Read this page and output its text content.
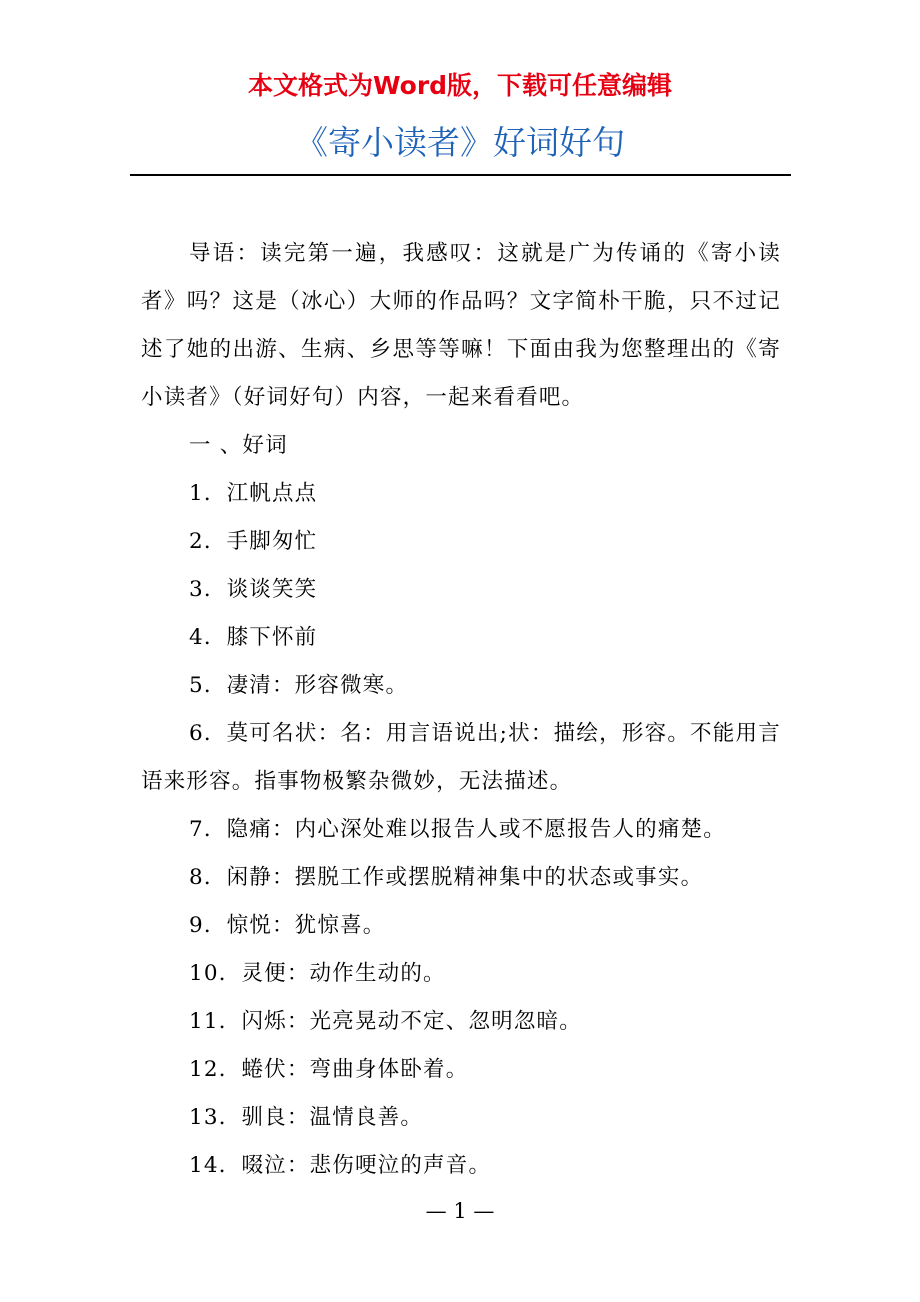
本文格式为Word版，下载可任意编辑
《寄小读者》好词好句

导语：读完第一遍，我感叹：这就是广为传诵的《寄小读者》吗？这是（冰心）大师的作品吗？文字简朴干脆，只不过记述了她的出游、生病、乡思等等嘛！下面由我为您整理出的《寄小读者》（好词好句）内容，一起来看看吧。

一 、好词

1．江帆点点

2．手脚匆忙

3．谈谈笑笑

4．膝下怀前

5．凄清：形容微寒。

6．莫可名状：名：用言语说出;状：描绘，形容。不能用言语来形容。指事物极繁杂微妙，无法描述。

7．隐痛：内心深处难以报告人或不愿报告人的痛楚。

8．闲静：摆脱工作或摆脱精神集中的状态或事实。

9．惊悦：犹惊喜。

10．灵便：动作生动的。

11．闪烁：光亮晃动不定、忽明忽暗。

12．蜷伏：弯曲身体卧着。

13．驯良：温情良善。

14．啜泣：悲伤哽泣的声音。

— 1 —
